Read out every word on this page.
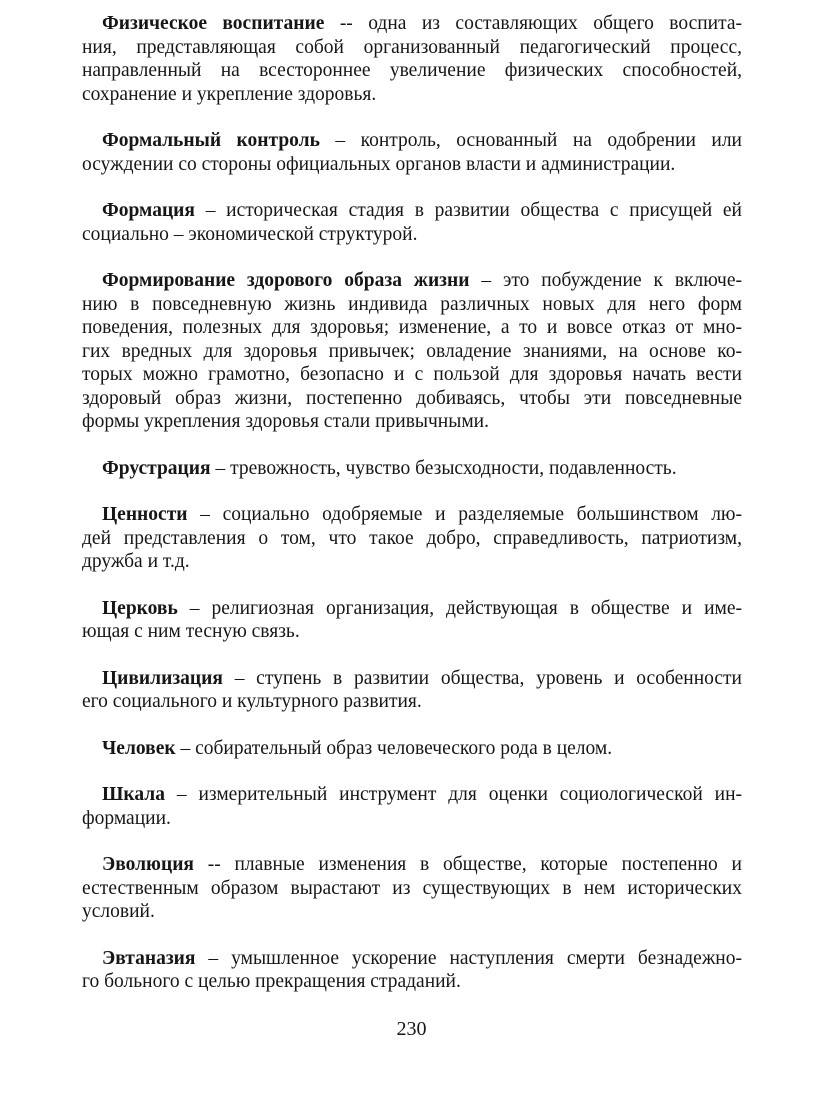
Физическое воспитание -- одна из составляющих общего воспита-
ния, представляющая собой организованный педагогический процесс,
направленный на всестороннее увеличение физических способностей,
сохранение и укрепление здоровья.

Формальный контроль – контроль, основанный на одобрении или
осуждении со стороны официальных органов власти и администрации.

Формация – историческая стадия в развитии общества с присущей ей
социально – экономической структурой.

Формирование здорового образа жизни – это побуждение к включе-
нию в повседневную жизнь индивида различных новых для него форм
поведения, полезных для здоровья; изменение, а то и вовсе отказ от мно-
гих вредных для здоровья привычек; овладение знаниями, на основе ко-
торых можно грамотно, безопасно и с пользой для здоровья начать вести
здоровый образ жизни, постепенно добиваясь, чтобы эти повседневные
формы укрепления здоровья стали привычными.

Фрустрация – тревожность, чувство безысходности, подавленность.

Ценности – социально одобряемые и разделяемые большинством лю-
дей представления о том, что такое добро, справедливость, патриотизм,
дружба и т.д.

Церковь – религиозная организация, действующая в обществе и име-
ющая с ним тесную связь.

Цивилизация – ступень в развитии общества, уровень и особенности
его социального и культурного развития.

Человек – собирательный образ человеческого рода в целом.

Шкала – измерительный инструмент для оценки социологической ин-
формации.

Эволюция -- плавные изменения в обществе, которые постепенно и
естественным образом вырастают из существующих в нем исторических
условий.

Эвтаназия – умышленное ускорение наступления смерти безнадежно-
го больного с целью прекращения страданий.

230
